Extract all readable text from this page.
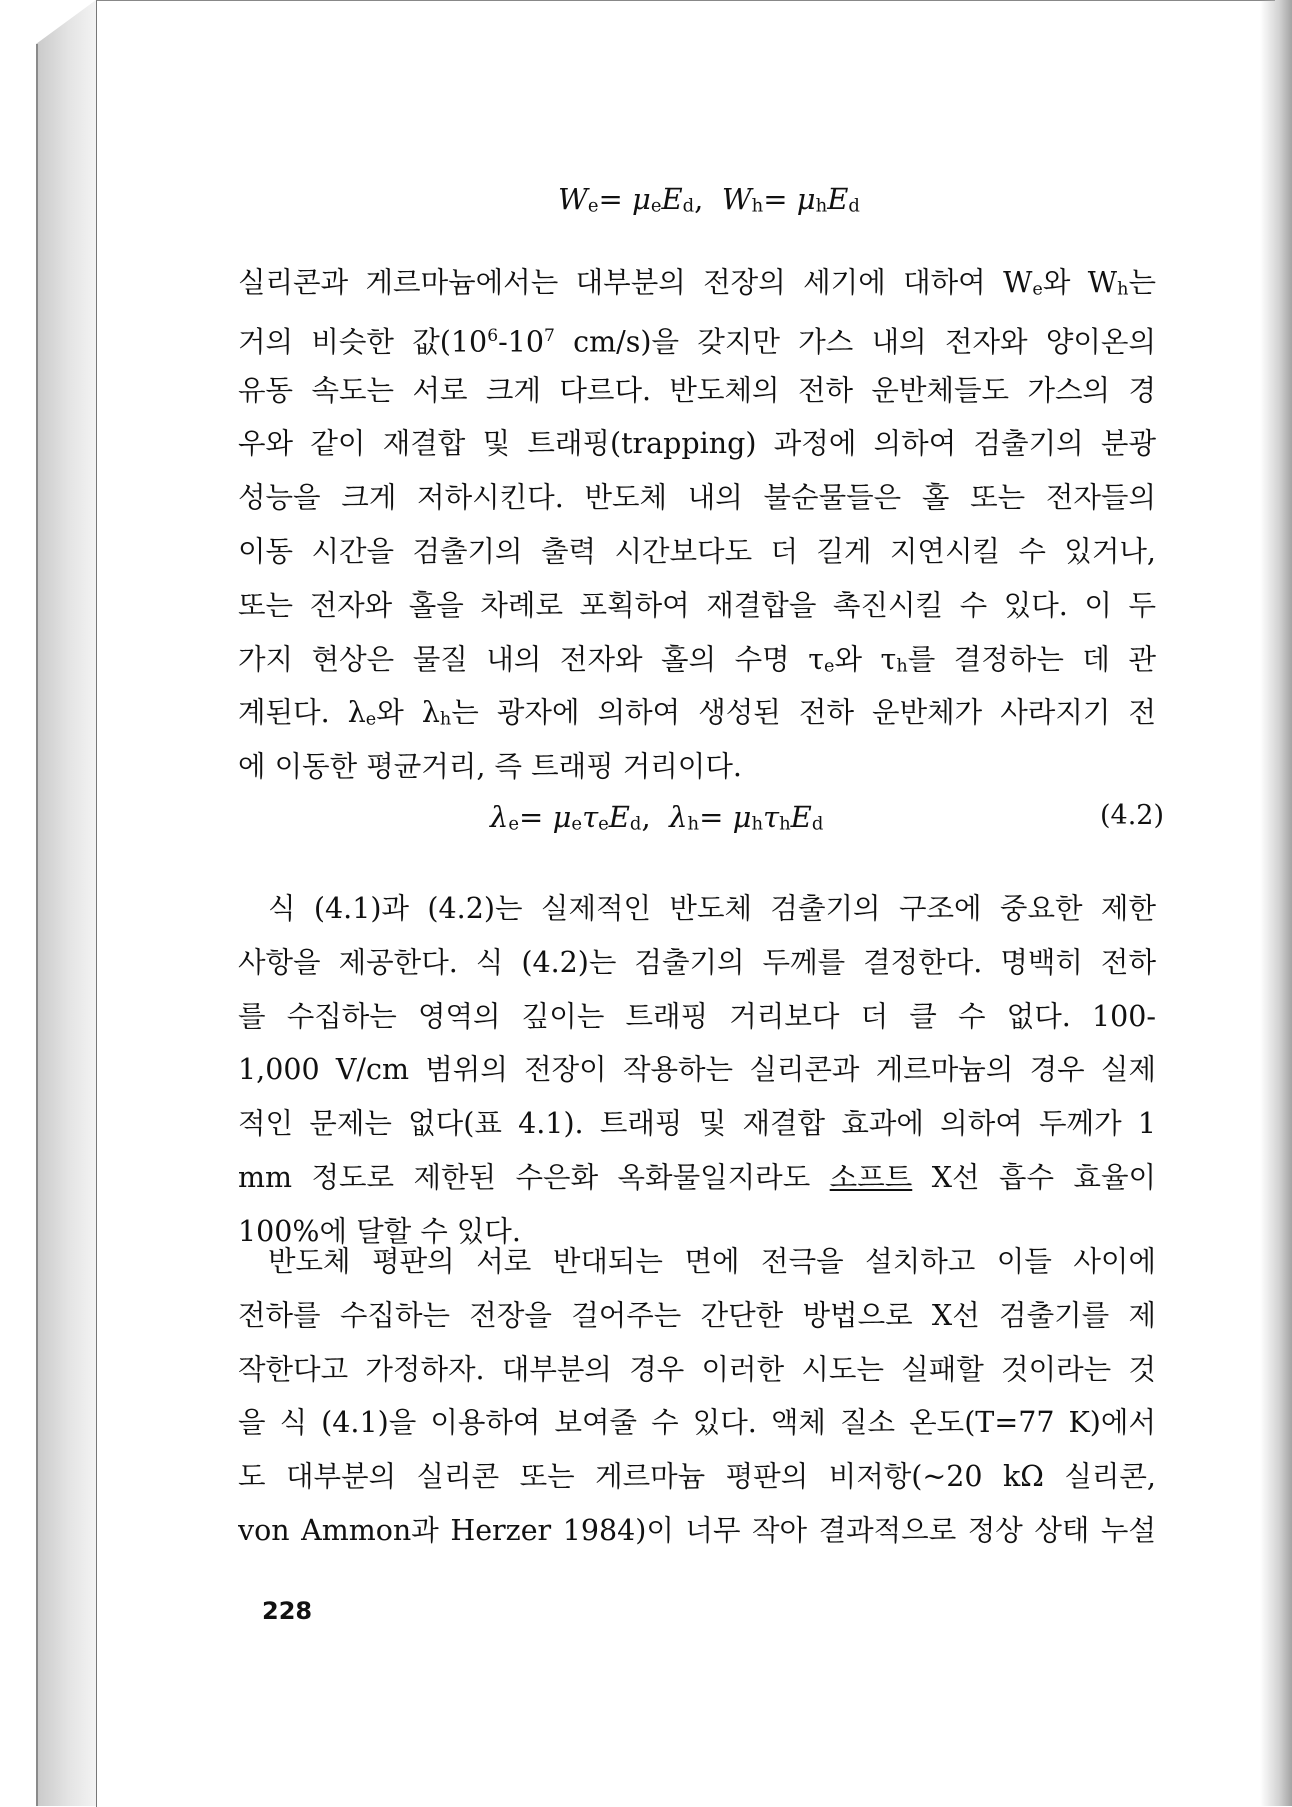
$W_e= \mu_eE_d$,  $W_h= \mu_hE_d$
실리콘과 게르마늄에서는 대부분의 전장의 세기에 대하여 $W_e$와 $W_h$는
거의 비슷한 값($10^6-10^7$ cm/s)을 갖지만 가스 내의 전자와 양이온의
유동 속도는 서로 크게 다르다. 반도체의 전하 운반체들도 가스의 경
우와 같이 재결합 및 트래핑(trapping) 과정에 의하여 검출기의 분광
성능을 크게 저하시킨다. 반도체 내의 불순물들은 홀 또는 전자들의
이동 시간을 검출기의 출력 시간보다도 더 길게 지연시킬 수 있거나,
또는 전자와 홀을 차례로 포획하여 재결합을 촉진시킬 수 있다. 이 두
가지 현상은 물질 내의 전자와 홀의 수명 $\tau_e$와 $\tau_h$를 결정하는 데 관
계된다. $\lambda_e$와 $\lambda_h$는 광자에 의하여 생성된 전하 운반체가 사라지기 전
에 이동한 평균거리, 즉 트래핑 거리이다.
$\lambda_e= \mu_e\tau_eE_d$,  $\lambda_h= \mu_h\tau_hE_d$	(4.2)
식 (4.1)과 (4.2)는 실제적인 반도체 검출기의 구조에 중요한 제한
사항을 제공한다. 식 (4.2)는 검출기의 두께를 결정한다. 명백히 전하
를 수집하는 영역의 깊이는 트래핑 거리보다 더 클 수 없다. 100-
1,000 V/cm 범위의 전장이 작용하는 실리콘과 게르마늄의 경우 실제
적인 문제는 없다(표 4.1). 트래핑 및 재결합 효과에 의하여 두께가 1
mm 정도로 제한된 수은화 옥화물일지라도 소프트 X선 흡수 효율이
100%에 달할 수 있다.
반도체 평판의 서로 반대되는 면에 전극을 설치하고 이들 사이에
전하를 수집하는 전장을 걸어주는 간단한 방법으로 X선 검출기를 제
작한다고 가정하자. 대부분의 경우 이러한 시도는 실패할 것이라는 것
을 식 (4.1)을 이용하여 보여줄 수 있다. 액체 질소 온도(T=77 K)에서
도 대부분의 실리콘 또는 게르마늄 평판의 비저항(~20 kΩ 실리콘,
von Ammon과 Herzer 1984)이 너무 작아 결과적으로 정상 상태 누설
228
